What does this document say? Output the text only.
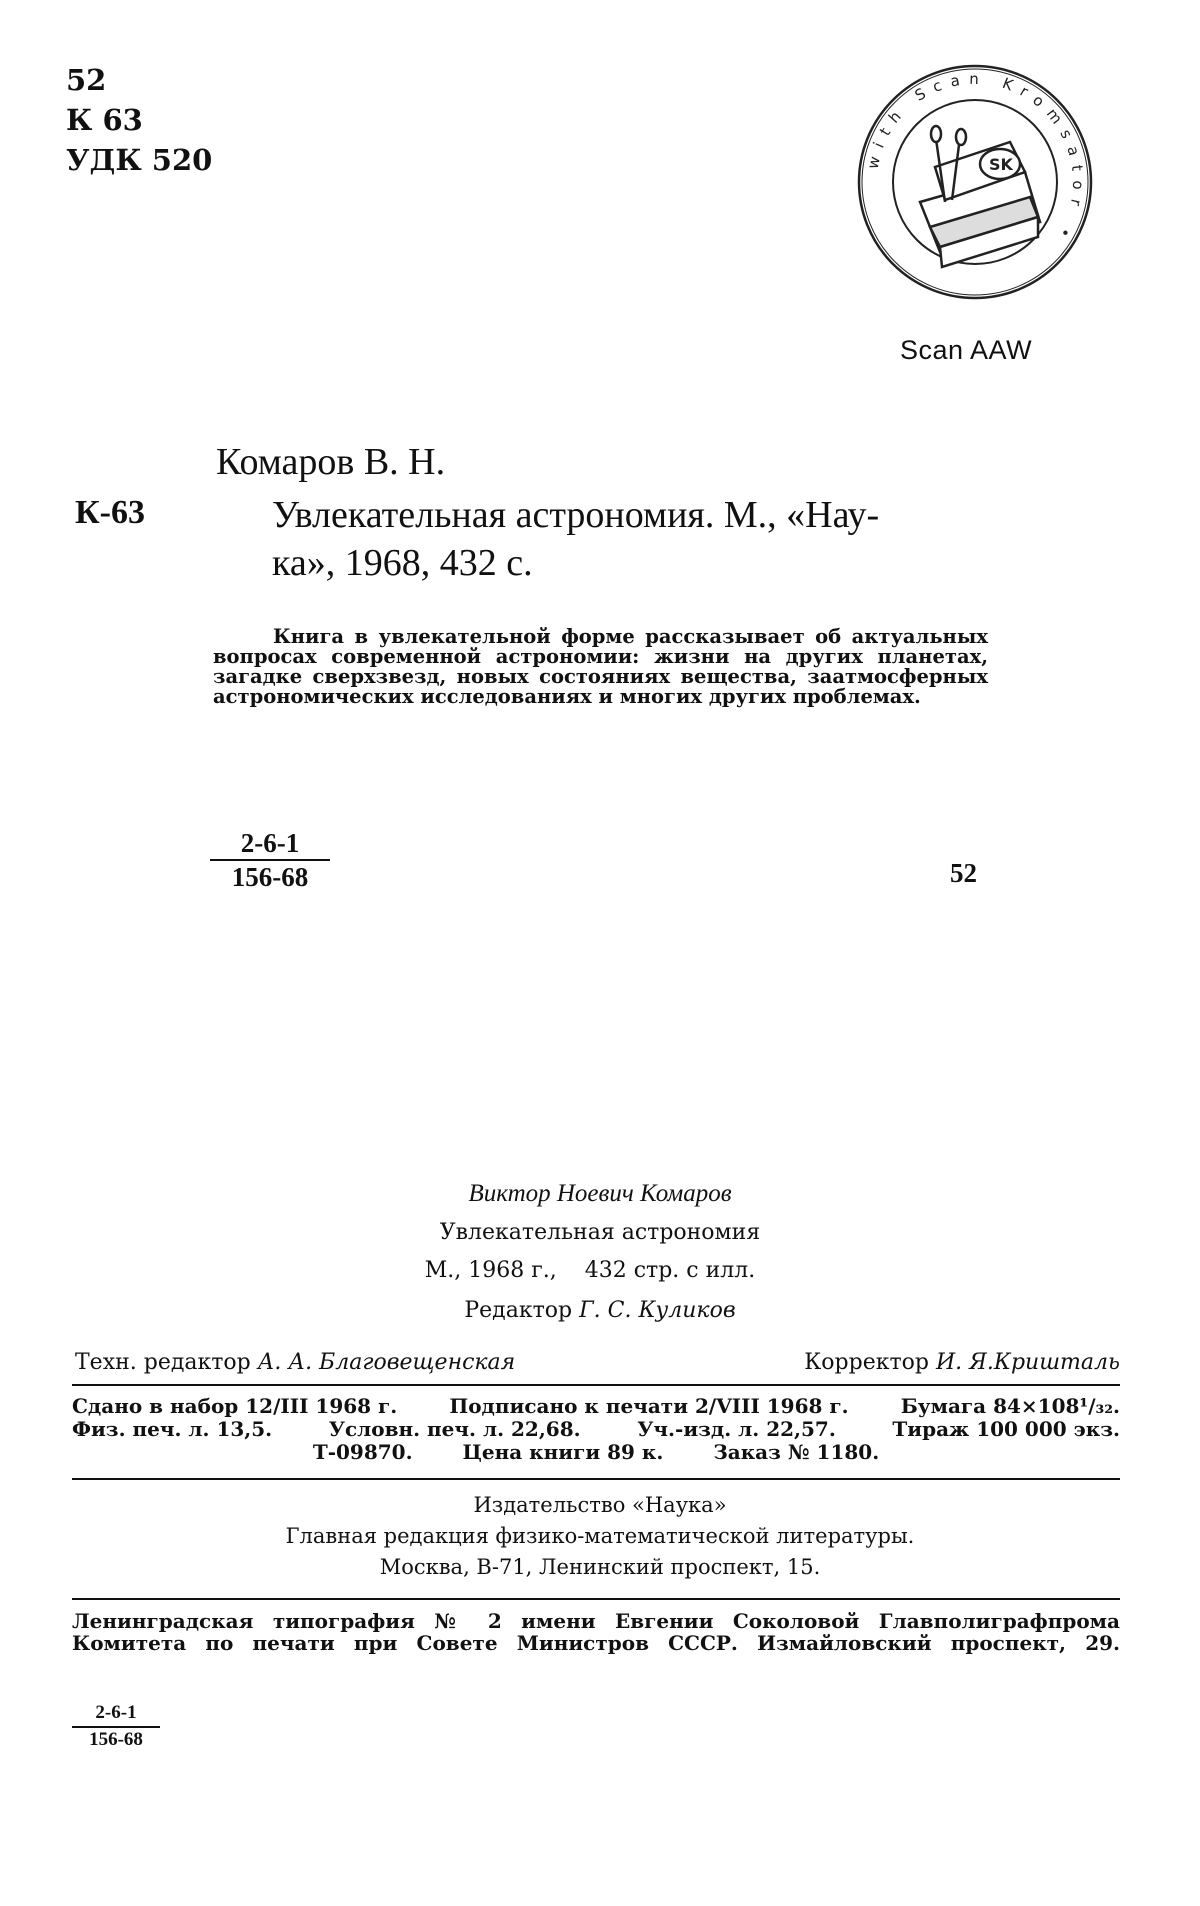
52
К 63
УДК 520	with Scan Kromsator •
SK
Scan AAW
Комаров В. Н.
К-63	Увлекательная астрономия. М., «Нау-
ка», 1968, 432 с.
Книга в увлекательной форме рассказывает об актуальных вопросах современной астрономии: жизни на других планетах, загадке сверхзвезд, новых состояниях вещества, заатмосферных астрономических исследованиях и многих других проблемах.
2-6-1
156-68	52
Виктор Ноевич Комаров
Увлекательная астрономия
М., 1968 г.,    432 стр. с илл.
Редактор Г. С. Куликов
Техн. редактор А. А. Благовещенская	Корректор И. Я.Кришталь
Сдано в набор 12/III 1968 г.	Подписано к печати 2/VIII 1968 г.	Бумага 84×108¹/₃₂.
Физ. печ. л. 13,5.	Условн. печ. л. 22,68.	Уч.-изд. л. 22,57.	Тираж 100 000 экз.
Т-09870.	Цена книги 89 к.	Заказ № 1180.
Издательство «Наука»
Главная редакция физико-математической литературы.
Москва, В-71, Ленинский проспект, 15.
Ленинградская типография № 2 имени Евгении Соколовой Главполиграфпрома Комитета по печати при Совете Министров СССР. Измайловский проспект, 29.
2-6-1
156-68
